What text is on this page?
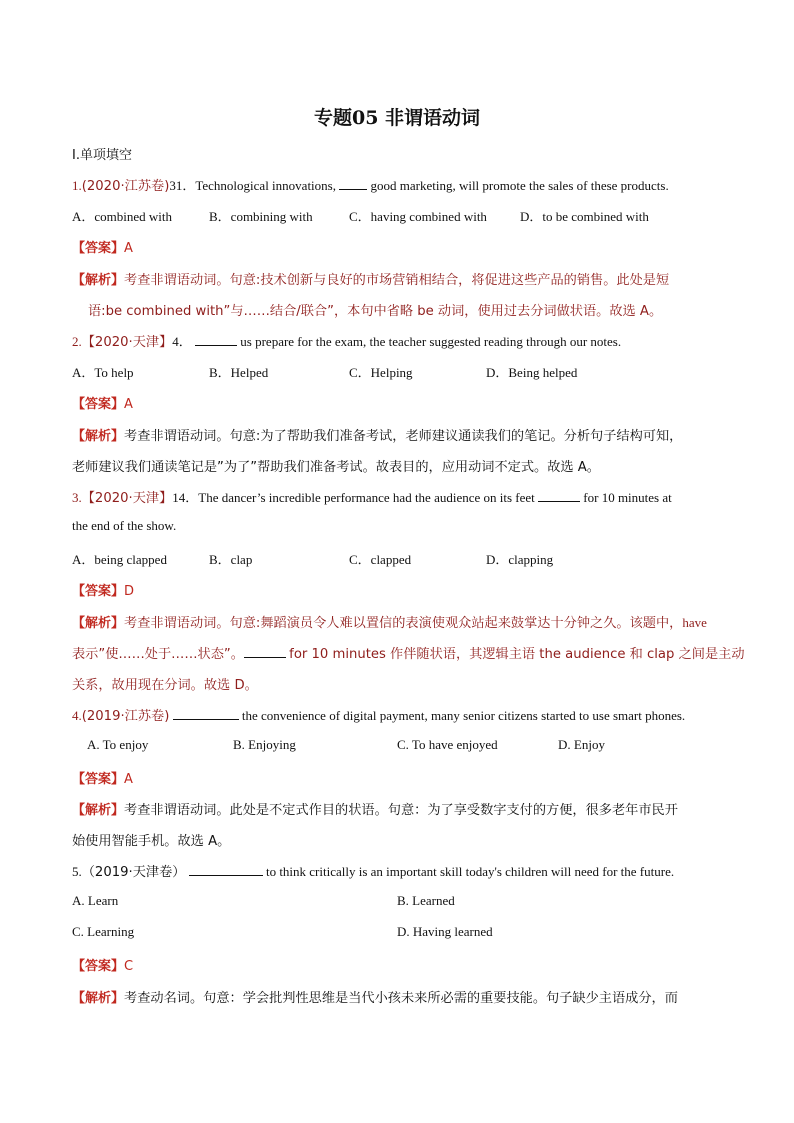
专题05 非谓语动词
I.单项填空
1.(2020·江苏卷)31．Technological innovations,	good marketing, will promote the sales of these products.
A．combined with	B．combining with	C．having combined with	D．to be combined with
【答案】A
【解析】考查非谓语动词。句意:技术创新与良好的市场营销相结合，将促进这些产品的销售。此处是短
语:be combined with”与……结合/联合”，本句中省略 be 动词，使用过去分词做状语。故选 A。
2.【2020·天津】4．	us prepare for the exam, the teacher suggested reading through our notes.
A．To help	B．Helped	C．Helping	D．Being helped
【答案】A
【解析】考查非谓语动词。句意:为了帮助我们准备考试，老师建议通读我们的笔记。分析句子结构可知，
老师建议我们通读笔记是”为了”帮助我们准备考试。故表目的，应用动词不定式。故选 A。
3.【2020·天津】14．The dancer’s incredible performance had the audience on its feet	for 10 minutes at
the end of the show.
A．being clapped	B．clap	C．clapped	D．clapping
【答案】D
【解析】考查非谓语动词。句意:舞蹈演员令人难以置信的表演使观众站起来鼓掌达十分钟之久。该题中，have
表示”使……处于……状态”。	for 10 minutes 作伴随状语，其逻辑主语 the audience 和 clap 之间是主动
关系，故用现在分词。故选 D。
4.(2019·江苏卷)	the convenience of digital payment, many senior citizens started to use smart phones.
A. To enjoy	B. Enjoying	C. To have enjoyed	D. Enjoy
【答案】A
【解析】考查非谓语动词。此处是不定式作目的状语。句意：为了享受数字支付的方便，很多老年市民开
始使用智能手机。故选 A。
5.（2019·天津卷）	to think critically is an important skill today's children will need for the future.
A. Learn	B. Learned
C. Learning	D. Having learned
【答案】C
【解析】考查动名词。句意：学会批判性思维是当代小孩未来所必需的重要技能。句子缺少主语成分，而
